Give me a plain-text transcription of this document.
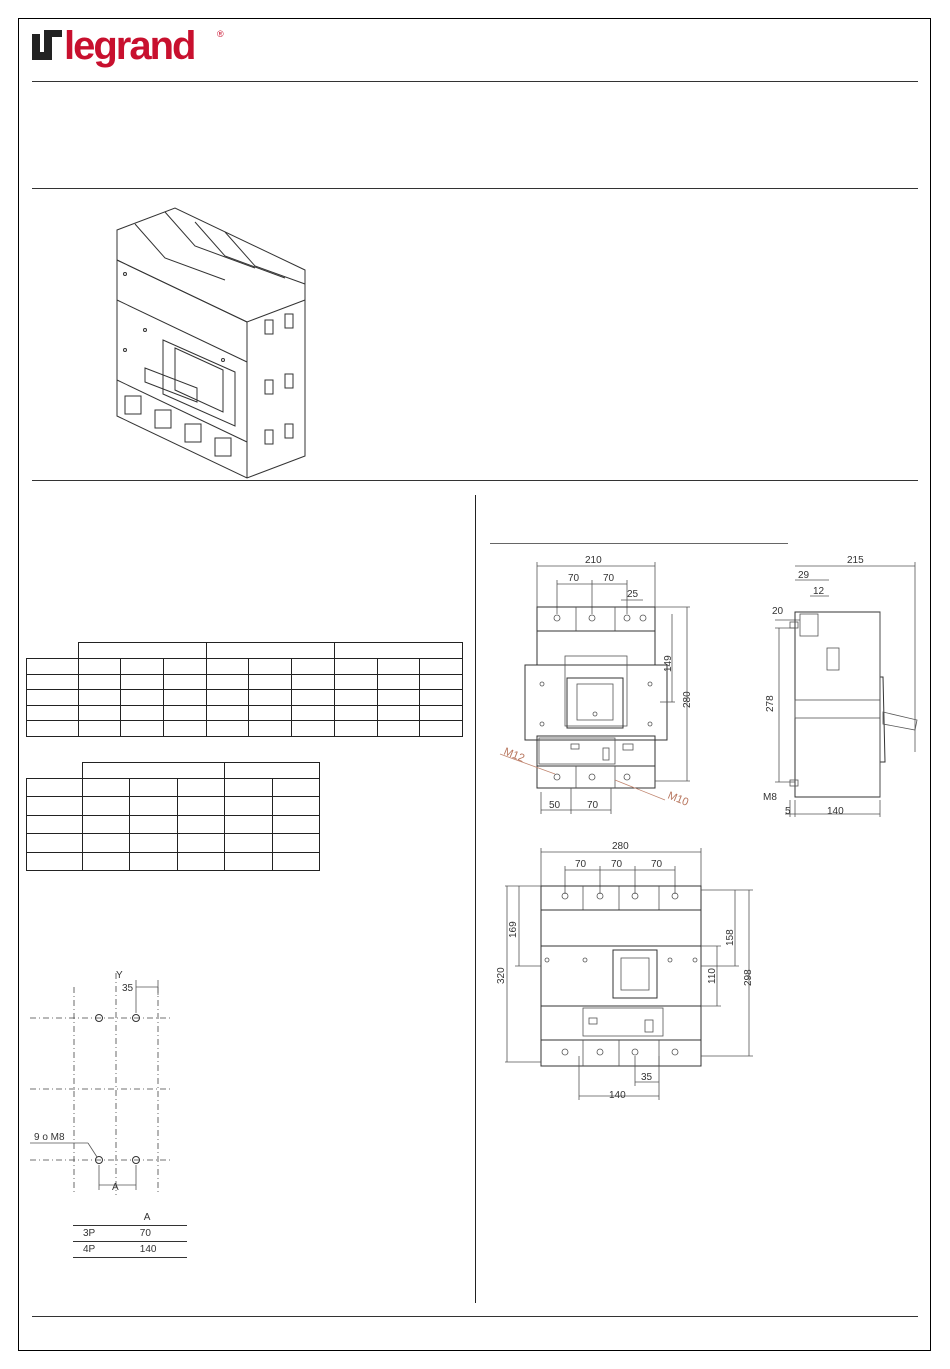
legrand	®

Y
35
9 o M8
A
	A
3P	70
4P	140
210
70 70
25
149
280
50	70
M12
M10
215
29
12
20
278
M8
5	140
280
70 70	70
169
320
158
110	298
35
140
